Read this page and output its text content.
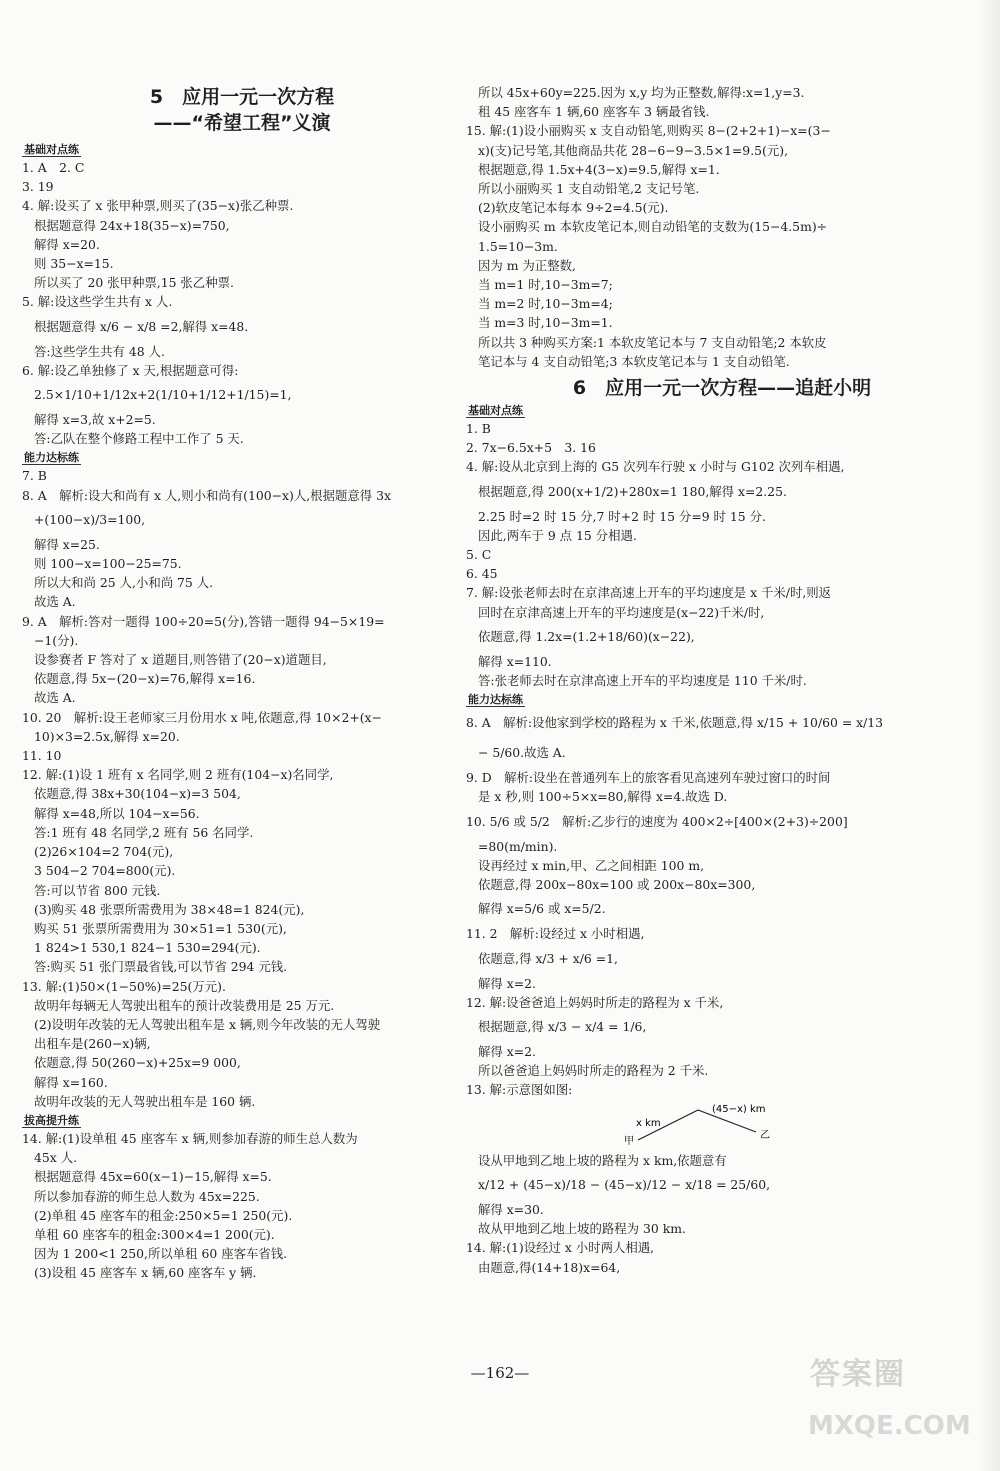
5　应用一元一次方程
——“希望工程”义演
基础对点练
1. A　2. C
3. 19
4. 解:设买了 x 张甲种票,则买了(35−x)张乙种票.
根据题意得 24x+18(35−x)=750,
解得 x=20.
则 35−x=15.
所以买了 20 张甲种票,15 张乙种票.
5. 解:设这些学生共有 x 人.
根据题意得 x/6 − x/8 =2,解得 x=48.
答:这些学生共有 48 人.
6. 解:设乙单独修了 x 天,根据题意可得:
2.5×1/10+1/12x+2(1/10+1/12+1/15)=1,
解得 x=3,故 x+2=5.
答:乙队在整个修路工程中工作了 5 天.
能力达标练
7. B
8. A　解析:设大和尚有 x 人,则小和尚有(100−x)人,根据题意得 3x
+(100−x)/3=100,
解得 x=25.
则 100−x=100−25=75.
所以大和尚 25 人,小和尚 75 人.
故选 A.
9. A　解析:答对一题得 100÷20=5(分),答错一题得 94−5×19=
−1(分).
设参赛者 F 答对了 x 道题目,则答错了(20−x)道题目,
依题意,得 5x−(20−x)=76,解得 x=16.
故选 A.
10. 20　解析:设王老师家三月份用水 x 吨,依题意,得 10×2+(x−
10)×3=2.5x,解得 x=20.
11. 10
12. 解:(1)设 1 班有 x 名同学,则 2 班有(104−x)名同学,
依题意,得 38x+30(104−x)=3 504,
解得 x=48,所以 104−x=56.
答:1 班有 48 名同学,2 班有 56 名同学.
(2)26×104=2 704(元),
3 504−2 704=800(元).
答:可以节省 800 元钱.
(3)购买 48 张票所需费用为 38×48=1 824(元),
购买 51 张票所需费用为 30×51=1 530(元),
1 824>1 530,1 824−1 530=294(元).
答:购买 51 张门票最省钱,可以节省 294 元钱.
13. 解:(1)50×(1−50%)=25(万元).
故明年每辆无人驾驶出租车的预计改装费用是 25 万元.
(2)设明年改装的无人驾驶出租车是 x 辆,则今年改装的无人驾驶
出租车是(260−x)辆,
依题意,得 50(260−x)+25x=9 000,
解得 x=160.
故明年改装的无人驾驶出租车是 160 辆.
拔高提升练
14. 解:(1)设单租 45 座客车 x 辆,则参加春游的师生总人数为
45x 人.
根据题意得 45x=60(x−1)−15,解得 x=5.
所以参加春游的师生总人数为 45x=225.
(2)单租 45 座客车的租金:250×5=1 250(元).
单租 60 座客车的租金:300×4=1 200(元).
因为 1 200<1 250,所以单租 60 座客车省钱.
(3)设租 45 座客车 x 辆,60 座客车 y 辆.
所以 45x+60y=225.因为 x,y 均为正整数,解得:x=1,y=3.
租 45 座客车 1 辆,60 座客车 3 辆最省钱.
15. 解:(1)设小丽购买 x 支自动铅笔,则购买 8−(2+2+1)−x=(3−
x)(支)记号笔,其他商品共花 28−6−9−3.5×1=9.5(元),
根据题意,得 1.5x+4(3−x)=9.5,解得 x=1.
所以小丽购买 1 支自动铅笔,2 支记号笔.
(2)软皮笔记本每本 9÷2=4.5(元).
设小丽购买 m 本软皮笔记本,则自动铅笔的支数为(15−4.5m)÷
1.5=10−3m.
因为 m 为正整数,
当 m=1 时,10−3m=7;
当 m=2 时,10−3m=4;
当 m=3 时,10−3m=1.
所以共 3 种购买方案:1 本软皮笔记本与 7 支自动铅笔;2 本软皮
笔记本与 4 支自动铅笔;3 本软皮笔记本与 1 支自动铅笔.
6　应用一元一次方程——追赶小明
基础对点练
1. B
2. 7x−6.5x+5　3. 16
4. 解:设从北京到上海的 G5 次列车行驶 x 小时与 G102 次列车相遇,
根据题意,得 200(x+1/2)+280x=1 180,解得 x=2.25.
2.25 时=2 时 15 分,7 时+2 时 15 分=9 时 15 分.
因此,两车于 9 点 15 分相遇.
5. C
6. 45
7. 解:设张老师去时在京津高速上开车的平均速度是 x 千米/时,则返
回时在京津高速上开车的平均速度是(x−22)千米/时,
依题意,得 1.2x=(1.2+18/60)(x−22),
解得 x=110.
答:张老师去时在京津高速上开车的平均速度是 110 千米/时.
能力达标练
8. A　解析:设他家到学校的路程为 x 千米,依题意,得 x/15 + 10/60 = x/13
− 5/60.故选 A.
9. D　解析:设坐在普通列车上的旅客看见高速列车驶过窗口的时间
是 x 秒,则 100÷5×x=80,解得 x=4.故选 D.
10. 5/6 或 5/2　解析:乙步行的速度为 400×2÷[400×(2+3)÷200]
=80(m/min).
设再经过 x min,甲、乙之间相距 100 m,
依题意,得 200x−80x=100 或 200x−80x=300,
解得 x=5/6 或 x=5/2.
11. 2　解析:设经过 x 小时相遇,
依题意,得 x/3 + x/6 =1,
解得 x=2.
12. 解:设爸爸追上妈妈时所走的路程为 x 千米,
根据题意,得 x/3 − x/4 = 1/6,
解得 x=2.
所以爸爸追上妈妈时所走的路程为 2 千米.
13. 解:示意图如图:
x km
(45−x) km
甲
乙
设从甲地到乙地上坡的路程为 x km,依题意有
x/12 + (45−x)/18 − (45−x)/12 − x/18 = 25/60,
解得 x=30.
故从甲地到乙地上坡的路程为 30 km.
14. 解:(1)设经过 x 小时两人相遇,
由题意,得(14+18)x=64,
—162—	答案圈
MXQE.COM
